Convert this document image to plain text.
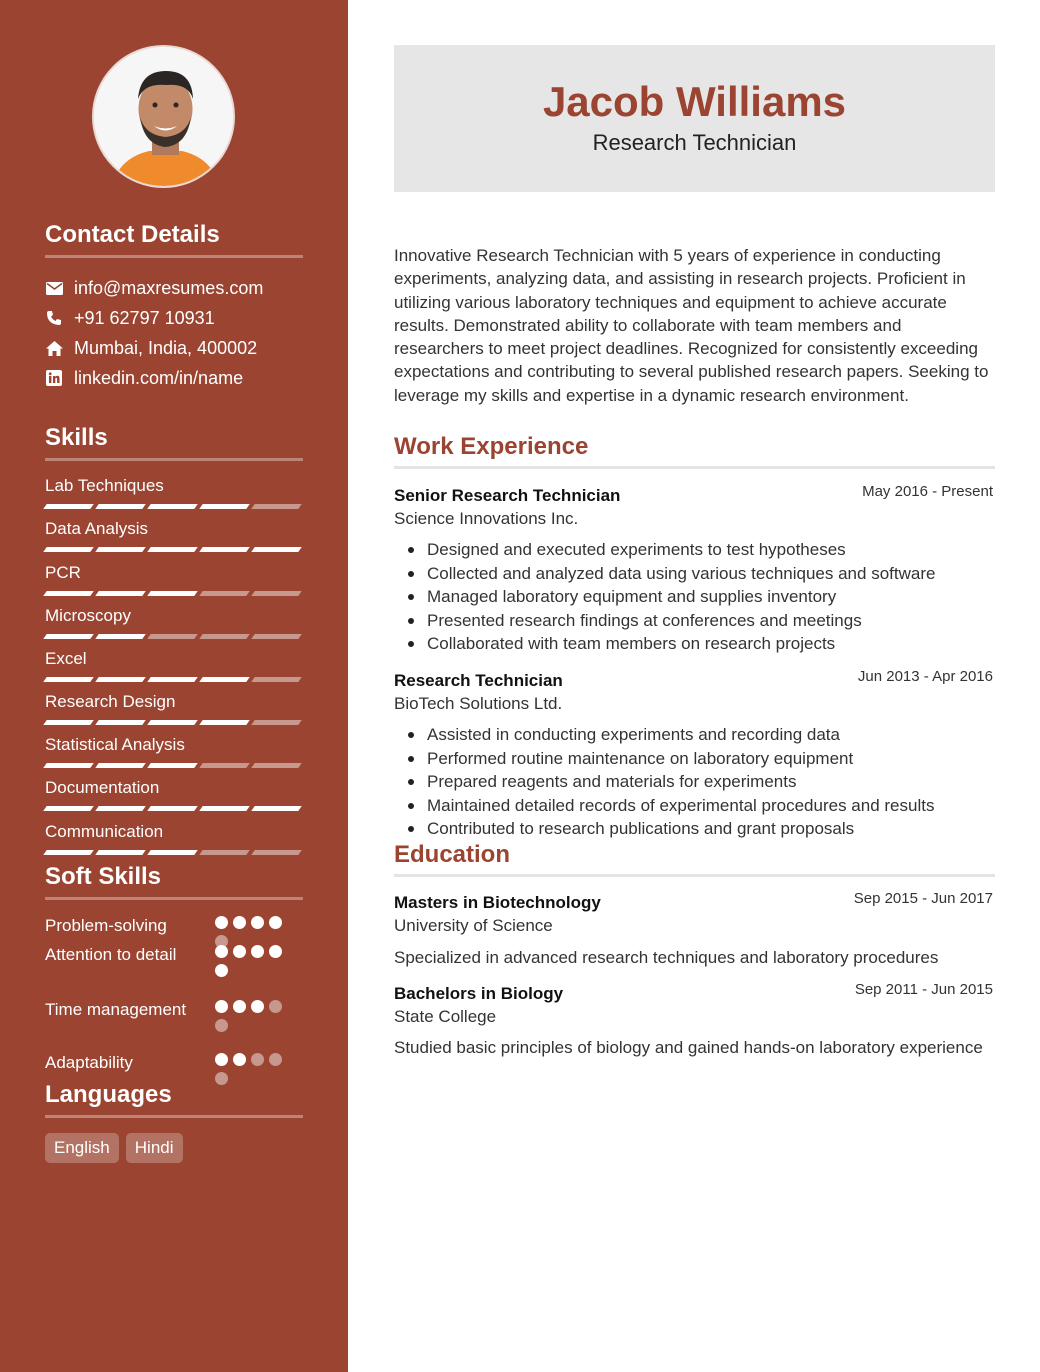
Contact Details
info@maxresumes.com
+91 62797 10931
Mumbai, India, 400002
linkedin.com/in/name
Skills
Lab Techniques
Data Analysis
PCR
Microscopy
Excel
Research Design
Statistical Analysis
Documentation
Communication
Soft Skills
Problem-solving
Attention to detail
Time management
Adaptability
Languages
English	Hindi
Jacob Williams
Research Technician
Innovative Research Technician with 5 years of experience in conducting experiments, analyzing data, and assisting in research projects. Proficient in utilizing various laboratory techniques and equipment to achieve accurate results. Demonstrated ability to collaborate with team members and researchers to meet project deadlines. Recognized for consistently exceeding expectations and contributing to several published research papers. Seeking to leverage my skills and expertise in a dynamic research environment.
Work Experience
Senior Research Technician	May 2016 - Present
Science Innovations Inc.
Designed and executed experiments to test hypotheses
Collected and analyzed data using various techniques and software
Managed laboratory equipment and supplies inventory
Presented research findings at conferences and meetings
Collaborated with team members on research projects
Research Technician	Jun 2013 - Apr 2016
BioTech Solutions Ltd.
Assisted in conducting experiments and recording data
Performed routine maintenance on laboratory equipment
Prepared reagents and materials for experiments
Maintained detailed records of experimental procedures and results
Contributed to research publications and grant proposals
Education
Masters in Biotechnology	Sep 2015 - Jun 2017
University of Science
Specialized in advanced research techniques and laboratory procedures
Bachelors in Biology	Sep 2011 - Jun 2015
State College
Studied basic principles of biology and gained hands-on laboratory experience
